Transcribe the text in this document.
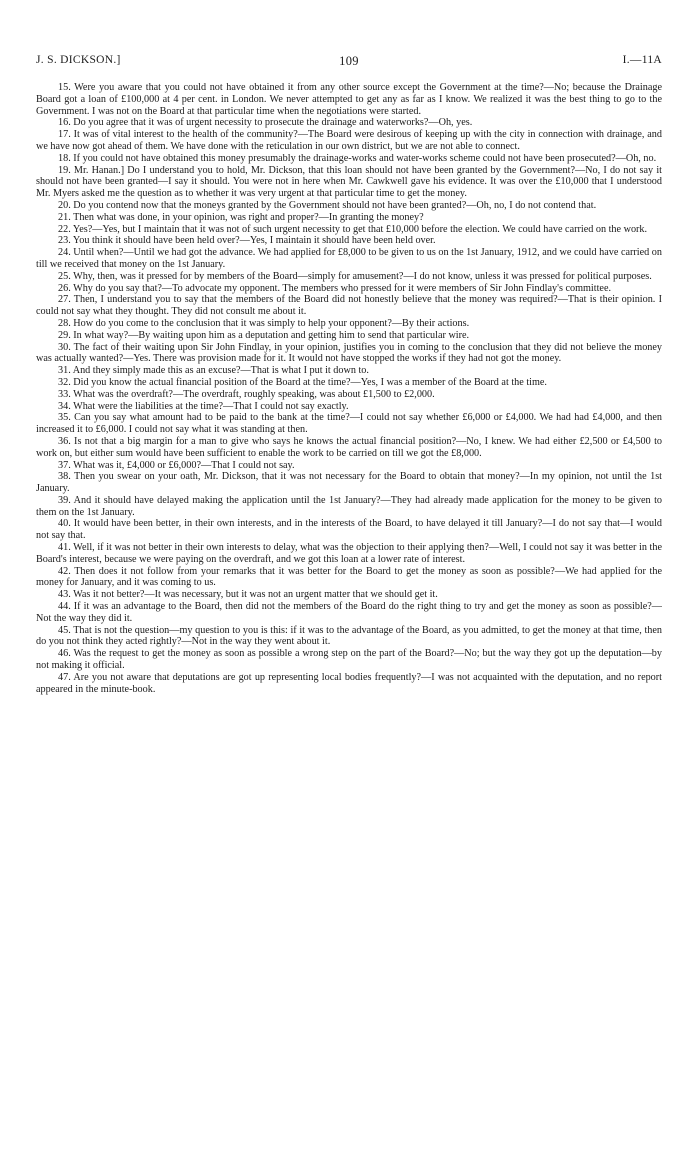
J. S. DICKSON.]	109	I.—11A

15. Were you aware that you could not have obtained it from any other source except the Government at the time?—No; because the Drainage Board got a loan of £100,000 at 4 per cent. in London. We never attempted to get any as far as I know. We realized it was the best thing to go to the Government. I was not on the Board at that particular time when the negotiations were started.

16. Do you agree that it was of urgent necessity to prosecute the drainage and waterworks?—Oh, yes.

17. It was of vital interest to the health of the community?—The Board were desirous of keeping up with the city in connection with drainage, and we have now got ahead of them. We have done with the reticulation in our own district, but we are not able to connect.

18. If you could not have obtained this money presumably the drainage-works and water-works scheme could not have been prosecuted?—Oh, no.

19. Mr. Hanan.] Do I understand you to hold, Mr. Dickson, that this loan should not have been granted by the Government?—No, I do not say it should not have been granted—I say it should. You were not in here when Mr. Cawkwell gave his evidence. It was over the £10,000 that I understood Mr. Myers asked me the question as to whether it was very urgent at that particular time to get the money.

20. Do you contend now that the moneys granted by the Government should not have been granted?—Oh, no, I do not contend that.

21. Then what was done, in your opinion, was right and proper?—In granting the money?

22. Yes?—Yes, but I maintain that it was not of such urgent necessity to get that £10,000 before the election. We could have carried on the work.

23. You think it should have been held over?—Yes, I maintain it should have been held over.

24. Until when?—Until we had got the advance. We had applied for £8,000 to be given to us on the 1st January, 1912, and we could have carried on till we received that money on the 1st January.

25. Why, then, was it pressed for by members of the Board—simply for amusement?—I do not know, unless it was pressed for political purposes.

26. Why do you say that?—To advocate my opponent. The members who pressed for it were members of Sir John Findlay's committee.

27. Then, I understand you to say that the members of the Board did not honestly believe that the money was required?—That is their opinion. I could not say what they thought. They did not consult me about it.

28. How do you come to the conclusion that it was simply to help your opponent?—By their actions.

29. In what way?—By waiting upon him as a deputation and getting him to send that particular wire.

30. The fact of their waiting upon Sir John Findlay, in your opinion, justifies you in coming to the conclusion that they did not believe the money was actually wanted?—Yes. There was provision made for it. It would not have stopped the works if they had not got the money.

31. And they simply made this as an excuse?—That is what I put it down to.

32. Did you know the actual financial position of the Board at the time?—Yes, I was a member of the Board at the time.

33. What was the overdraft?—The overdraft, roughly speaking, was about £1,500 to £2,000.

34. What were the liabilities at the time?—That I could not say exactly.

35. Can you say what amount had to be paid to the bank at the time?—I could not say whether £6,000 or £4,000. We had had £4,000, and then increased it to £6,000. I could not say what it was standing at then.

36. Is not that a big margin for a man to give who says he knows the actual financial position?—No, I knew. We had either £2,500 or £4,500 to work on, but either sum would have been sufficient to enable the work to be carried on till we got the £8,000.

37. What was it, £4,000 or £6,000?—That I could not say.

38. Then you swear on your oath, Mr. Dickson, that it was not necessary for the Board to obtain that money?—In my opinion, not until the 1st January.

39. And it should have delayed making the application until the 1st January?—They had already made application for the money to be given to them on the 1st January.

40. It would have been better, in their own interests, and in the interests of the Board, to have delayed it till January?—I do not say that—I would not say that.

41. Well, if it was not better in their own interests to delay, what was the objection to their applying then?—Well, I could not say it was better in the Board's interest, because we were paying on the overdraft, and we got this loan at a lower rate of interest.

42. Then does it not follow from your remarks that it was better for the Board to get the money as soon as possible?—We had applied for the money for January, and it was coming to us.

43. Was it not better?—It was necessary, but it was not an urgent matter that we should get it.

44. If it was an advantage to the Board, then did not the members of the Board do the right thing to try and get the money as soon as possible?—Not the way they did it.

45. That is not the question—my question to you is this: if it was to the advantage of the Board, as you admitted, to get the money at that time, then do you not think they acted rightly?—Not in the way they went about it.

46. Was the request to get the money as soon as possible a wrong step on the part of the Board?—No; but the way they got up the deputation—by not making it official.

47. Are you not aware that deputations are got up representing local bodies frequently?—I was not acquainted with the deputation, and no report appeared in the minute-book.
